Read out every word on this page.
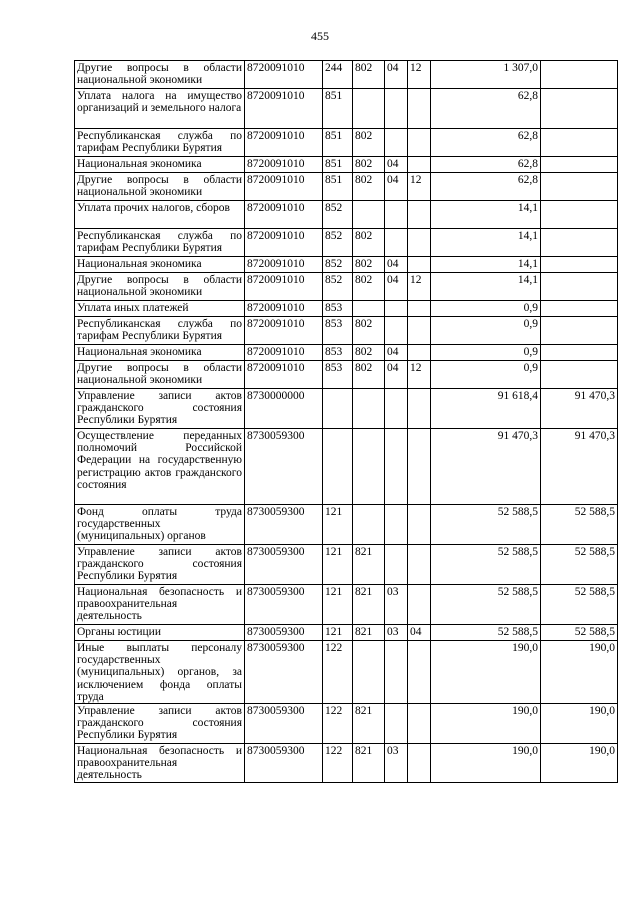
455
Другие вопросы в области национальной экономики	8720091010	244	802	04	12	1 307,0	
Уплата налога на имущество организаций и земельного налога	8720091010	851				62,8	
Республиканская служба по тарифам Республики Бурятия	8720091010	851	802			62,8	
Национальная экономика	8720091010	851	802	04		62,8	
Другие вопросы в области национальной экономики	8720091010	851	802	04	12	62,8	
Уплата прочих налогов, сборов	8720091010	852				14,1	
Республиканская служба по тарифам Республики Бурятия	8720091010	852	802			14,1	
Национальная экономика	8720091010	852	802	04		14,1	
Другие вопросы в области национальной экономики	8720091010	852	802	04	12	14,1	
Уплата иных платежей	8720091010	853				0,9	
Республиканская служба по тарифам Республики Бурятия	8720091010	853	802			0,9	
Национальная экономика	8720091010	853	802	04		0,9	
Другие вопросы в области национальной экономики	8720091010	853	802	04	12	0,9	
Управление записи актов гражданского состояния Республики Бурятия	8730000000					91 618,4	91 470,3
Осуществление переданных полномочий Российской Федерации на государственную регистрацию актов гражданского состояния	8730059300					91 470,3	91 470,3
Фонд оплаты труда государственных (муниципальных) органов	8730059300	121				52 588,5	52 588,5
Управление записи актов гражданского состояния Республики Бурятия	8730059300	121	821			52 588,5	52 588,5
Национальная безопасность и правоохранительная деятельность	8730059300	121	821	03		52 588,5	52 588,5
Органы юстиции	8730059300	121	821	03	04	52 588,5	52 588,5
Иные выплаты персоналу государственных (муниципальных) органов, за исключением фонда оплаты труда	8730059300	122				190,0	190,0
Управление записи актов гражданского состояния Республики Бурятия	8730059300	122	821			190,0	190,0
Национальная безопасность и правоохранительная деятельность	8730059300	122	821	03		190,0	190,0
